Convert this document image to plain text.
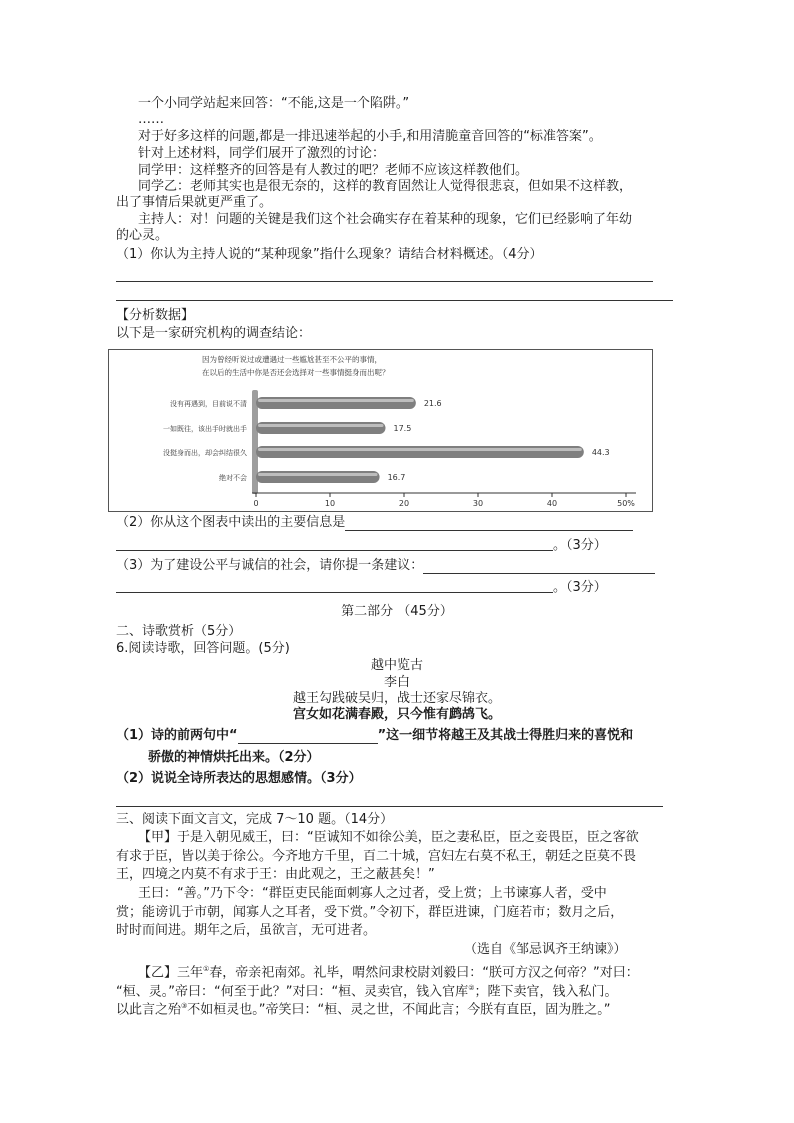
一个小同学站起来回答：“不能,这是一个陷阱。”
……
对于好多这样的问题,都是一排迅速举起的小手,和用清脆童音回答的“标准答案”。
针对上述材料，同学们展开了激烈的讨论：
同学甲：这样整齐的回答是有人教过的吧？老师不应该这样教他们。
同学乙：老师其实也是很无奈的，这样的教育固然让人觉得很悲哀，但如果不这样教，
出了事情后果就更严重了。
主持人：对！问题的关键是我们这个社会确实存在着某种的现象，它们已经影响了年幼
的心灵。
（1）你认为主持人说的“某种现象”指什么现象？请结合材料概述。（4分）
【分析数据】
以下是一家研究机构的调查结论：
因为曾经听说过或遭遇过一些尴尬甚至不公平的事情，
在以后的生活中你是否还会选择对一些事情挺身而出呢？
0	10	20	30	40	50%
没有再遇到，目前说不清	21.6
一如既往，该出手时就出手	17.5
没挺身而出，却会纠结很久	44.3
绝对不会	16.7
（2）你从这个图表中读出的主要信息是
。（3分）
（3）为了建设公平与诚信的社会，请你提一条建议：
。（3分）
第二部分 （45分）
二、诗歌赏析（5分）
6.阅读诗歌，回答问题。(5分)
越中览古
李白
越王勾践破吴归，战士还家尽锦衣。
宫女如花满春殿，只今惟有鹧鸪飞。
（1）诗的前两句中“	”这一细节将越王及其战士得胜归来的喜悦和
骄傲的神情烘托出来。（2分）
（2）说说全诗所表达的思想感情。（3分）
三、阅读下面文言文，完成 7～10 题。（14分）
【甲】于是入朝见威王，曰：“臣诚知不如徐公美，臣之妻私臣，臣之妾畏臣，臣之客欲
有求于臣，皆以美于徐公。今齐地方千里，百二十城，宫妇左右莫不私王，朝廷之臣莫不畏
王，四境之内莫不有求于王：由此观之，王之蔽甚矣！”
王曰：“善。”乃下令：“群臣吏民能面刺寡人之过者，受上赏；上书谏寡人者，受中
赏；能谤讥于市朝，闻寡人之耳者，受下赏。”令初下，群臣进谏，门庭若市；数月之后，
时时而间进。期年之后，虽欲言，无可进者。
（选自《邹忌讽齐王纳谏》）
【乙】三年①春，帝亲祀南郊。礼毕，喟然问隶校尉刘毅曰：“朕可方汉之何帝？”对曰：
“桓、灵。”帝曰：“何至于此？”对曰：“桓、灵卖官，钱入官库②；陛下卖官，钱入私门。
以此言之殆③不如桓灵也。”帝笑曰：“桓、灵之世，不闻此言；今朕有直臣，固为胜之。”
